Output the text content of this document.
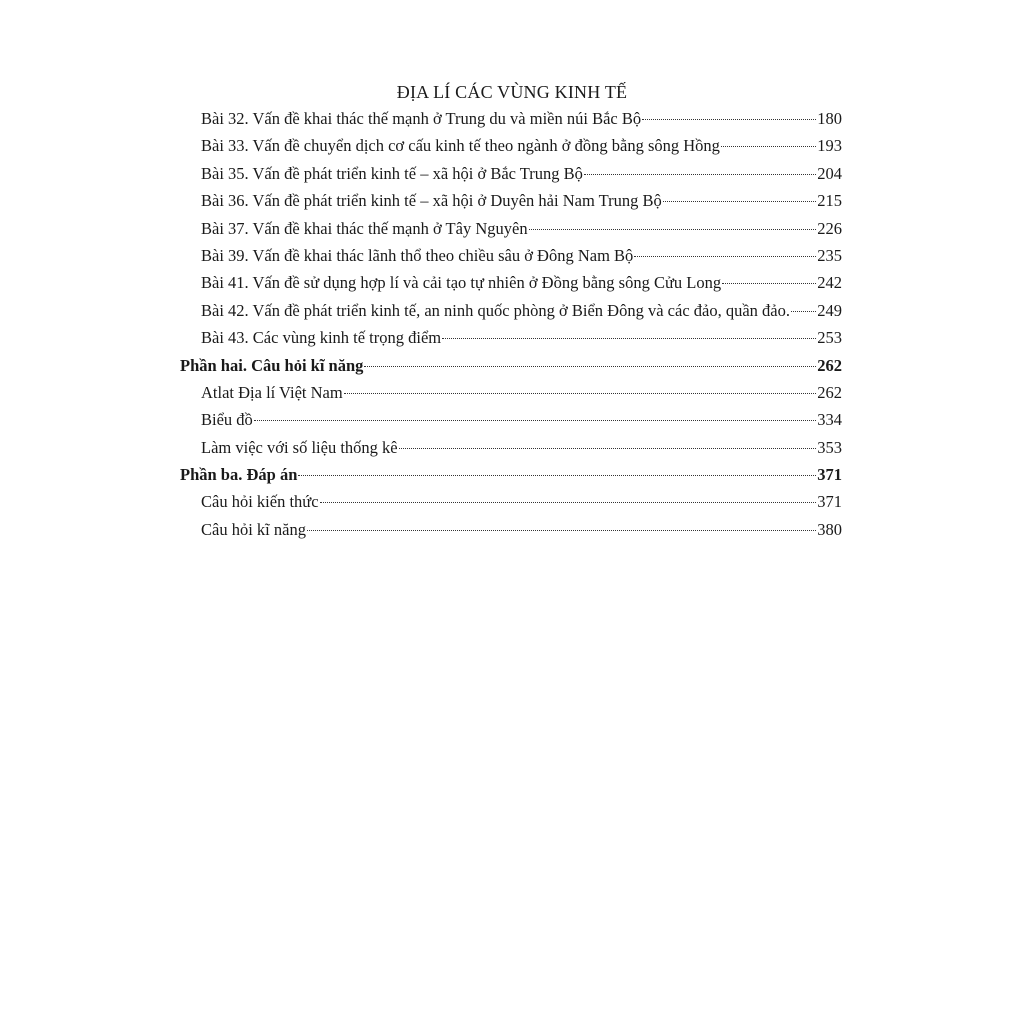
ĐỊA LÍ CÁC VÙNG KINH TẾ
Bài 32. Vấn đề khai thác thế mạnh ở Trung du và miền núi Bắc Bộ	180
Bài 33. Vấn đề chuyển dịch cơ cấu kinh tế theo ngành ở đồng bằng sông Hồng	193
Bài 35. Vấn đề phát triển kinh tế – xã hội ở Bắc Trung Bộ	204
Bài 36. Vấn đề phát triển kinh tế – xã hội ở Duyên hải Nam Trung Bộ	215
Bài 37. Vấn đề khai thác thế mạnh ở Tây Nguyên	226
Bài 39. Vấn đề khai thác lãnh thổ theo chiều sâu ở Đông Nam Bộ	235
Bài 41. Vấn đề sử dụng hợp lí và cải tạo tự nhiên ở Đồng bằng sông Cửu Long	242
Bài 42. Vấn đề phát triển kinh tế, an ninh quốc phòng ở Biển Đông và các đảo, quần đảo. 249
Bài 43. Các vùng kinh tế trọng điểm	253
Phần hai. Câu hỏi kĩ năng	262
Atlat Địa lí Việt Nam	262
Biểu đồ	334
Làm việc với số liệu thống kê	353
Phần ba. Đáp án	371
Câu hỏi kiến thức	371
Câu hỏi kĩ năng	380
